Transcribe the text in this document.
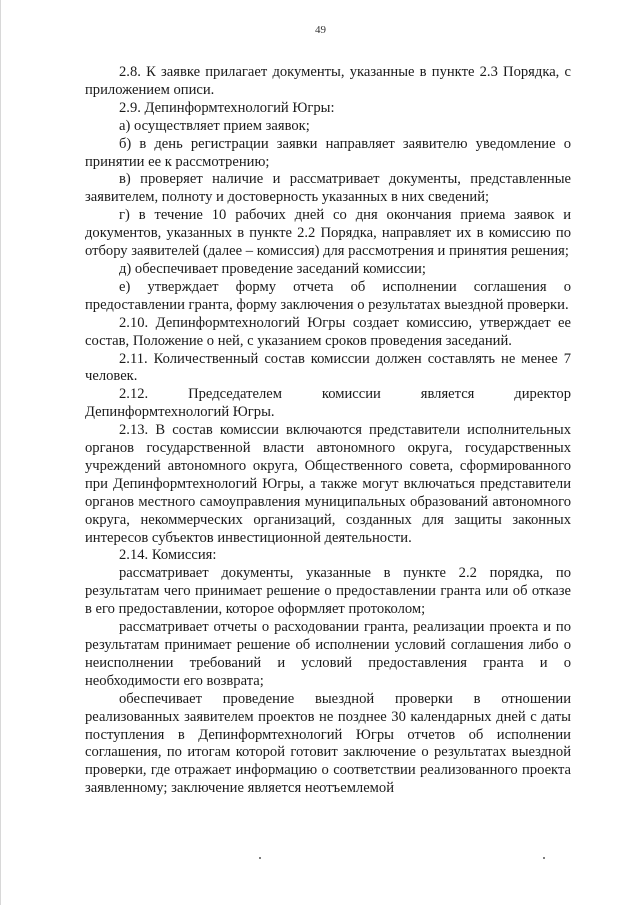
49

2.8. К заявке прилагает документы, указанные в пункте 2.3 Порядка, с приложением описи.

2.9. Депинформтехнологий Югры:

а) осуществляет прием заявок;

б) в день регистрации заявки направляет заявителю уведомление о принятии ее к рассмотрению;

в) проверяет наличие и рассматривает документы, представленные заявителем, полноту и достоверность указанных в них сведений;

г) в течение 10 рабочих дней со дня окончания приема заявок и документов, указанных в пункте 2.2 Порядка, направляет их в комиссию по отбору заявителей (далее – комиссия) для рассмотрения и принятия решения;

д) обеспечивает проведение заседаний комиссии;

е) утверждает форму отчета об исполнении соглашения о предоставлении гранта, форму заключения о результатах выездной проверки.

2.10. Депинформтехнологий Югры создает комиссию, утверждает ее состав, Положение о ней, с указанием сроков проведения заседаний.

2.11. Количественный состав комиссии должен составлять не менее 7 человек.

2.12. Председателем комиссии является директор Депинформтехнологий Югры.

2.13. В состав комиссии включаются представители исполнительных органов государственной власти автономного округа, государственных учреждений автономного округа, Общественного совета, сформированного при Депинформтехнологий Югры, а также могут включаться представители органов местного самоуправления муниципальных образований автономного округа, некоммерческих организаций, созданных для защиты законных интересов субъектов инвестиционной деятельности.

2.14. Комиссия:

рассматривает документы, указанные в пункте 2.2 порядка, по результатам чего принимает решение о предоставлении гранта или об отказе в его предоставлении, которое оформляет протоколом;

рассматривает отчеты о расходовании гранта, реализации проекта и по результатам принимает решение об исполнении условий соглашения либо о неисполнении требований и условий предоставления гранта и о необходимости его возврата;

обеспечивает проведение выездной проверки в отношении реализованных заявителем проектов не позднее 30 календарных дней с даты поступления в Депинформтехнологий Югры отчетов об исполнении соглашения, по итогам которой готовит заключение о результатах выездной проверки, где отражает информацию о соответствии реализованного проекта заявленному; заключение является неотъемлемой
